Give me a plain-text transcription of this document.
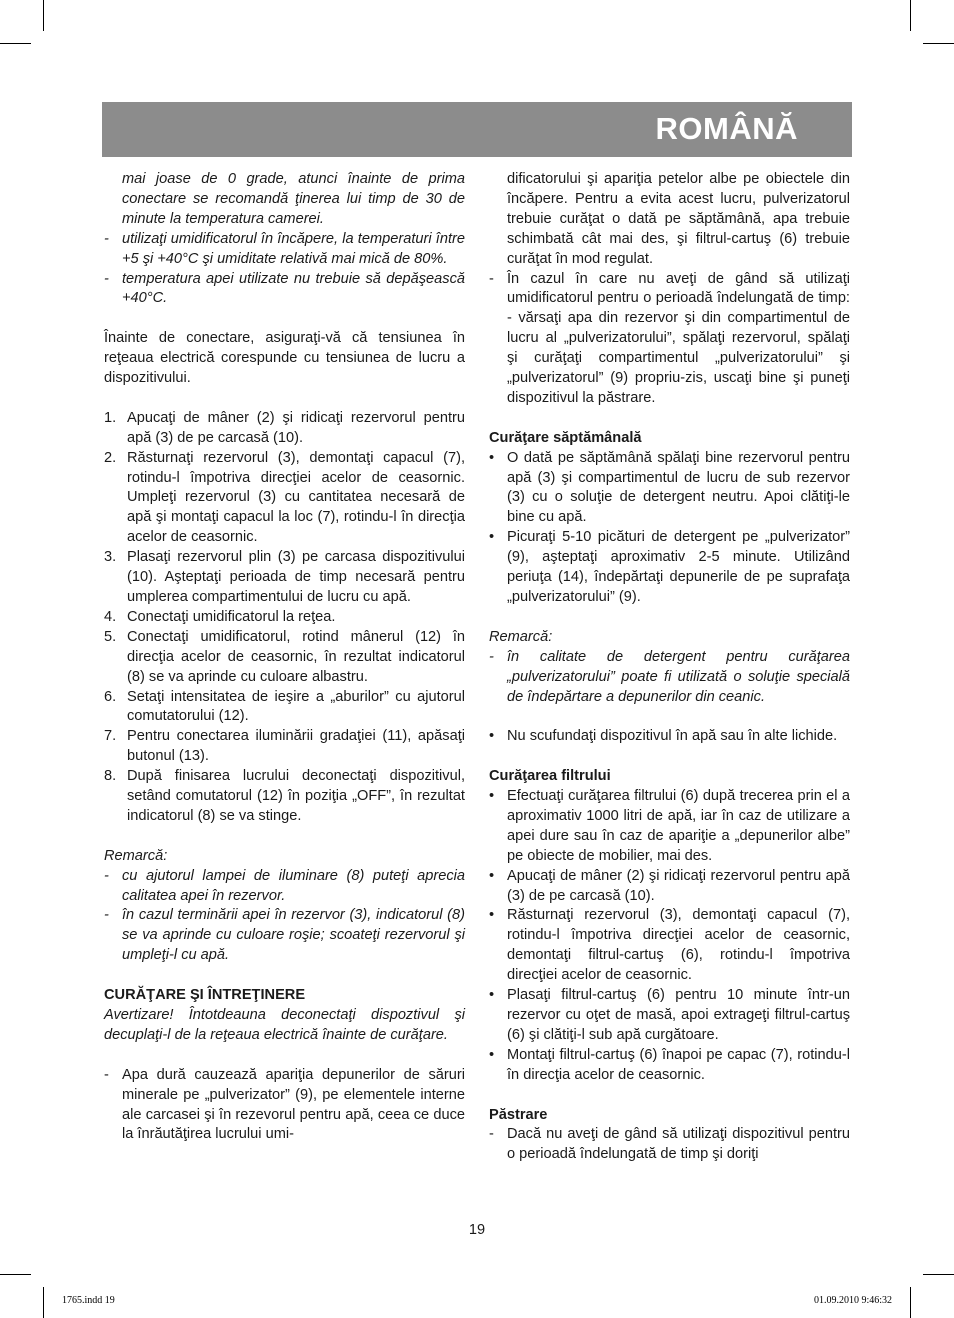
ROMÂNĂ
mai joase de 0 grade, atunci înainte de prima conectare se recomandă ţinerea lui timp de 30 de minute la temperatura camerei.
- utilizaţi umidificatorul în încăpere, la temperaturi între +5 şi +40°C şi umiditate relativă mai mică de 80%.
- temperatura apei utilizate nu trebuie să depăşească +40°C.

Înainte de conectare, asiguraţi-vă că tensiunea în reţeaua electrică corespunde cu tensiunea de lucru a dispozitivului.

1. Apucaţi de mâner (2) şi ridicaţi rezervorul pentru apă (3) de pe carcasă (10).
2. Răsturnaţi rezervorul (3), demontaţi capacul (7), rotindu-l împotriva direcţiei acelor de ceasornic. Umpleţi rezervorul (3) cu cantitatea necesară de apă şi montaţi capacul la loc (7), rotindu-l în direcţia acelor de ceasornic.
3. Plasaţi rezervorul plin (3) pe carcasa dispozitivului (10). Aşteptaţi perioada de timp necesară pentru umplerea compartimentului de lucru cu apă.
4. Conectaţi umidificatorul la reţea.
5. Conectaţi umidificatorul, rotind mânerul (12) în direcţia acelor de ceasornic, în rezultat indicatorul (8) se va aprinde cu culoare albastru.
6. Setaţi intensitatea de ieşire a „aburilor” cu ajutorul comutatorului (12).
7. Pentru conectarea iluminării gradaţiei (11), apăsaţi butonul (13).
8. După finisarea lucrului deconectaţi dispozitivul, setând comutatorul (12) în poziţia „OFF”, în rezultat indicatorul (8) se va stinge.
Remarcă:
- cu ajutorul lampei de iluminare (8) puteţi aprecia calitatea apei în rezervor.
- în cazul terminării apei în rezervor (3), indicatorul (8) se va aprinde cu culoare roşie; scoateţi rezervorul şi umpleţi-l cu apă.
CURĂŢARE ŞI ÎNTREŢINERE

Avertizare! Întotdeauna deconectaţi dispoztivul şi decuplaţi-l de la reţeaua electrică înainte de curăţare.

- Apa dură cauzează apariţia depunerilor de săruri minerale pe „pulverizator” (9), pe elementele interne ale carcasei şi în rezevorul pentru apă, ceea ce duce la înrăutăţirea lucrului umi-
dificatorului şi apariţia petelor albe pe obiectele din încăpere. Pentru a evita acest lucru, pulverizatorul trebuie curăţat o dată pe săptămână, apa trebuie schimbată cât mai des, şi filtrul-cartuş (6) trebuie curăţat în mod regulat.
- În cazul în care nu aveţi de gând să utilizaţi umidificatorul pentru o perioadă îndelungată de timp: - vărsaţi apa din rezervor şi din compartimentul de lucru al „pulverizatorului”, spălaţi rezervorul, spălaţi şi curăţaţi compartimentul „pulverizatorului” şi „pulverizatorul” (9) propriu-zis, uscaţi bine şi puneţi dispozitivul la păstrare.
Curăţare săptămânală
• O dată pe săptămână spălaţi bine rezervorul pentru apă (3) şi compartimentul de lucru de sub rezervor (3) cu o soluţie de detergent neutru. Apoi clătiţi-le bine cu apă.
• Picuraţi 5-10 picături de detergent pe „pulverizator” (9), aşteptaţi aproximativ 2-5 minute. Utilizând periuţa (14), îndepărtaţi depunerile de pe suprafaţa „pulverizatorului” (9).
Remarcă:
- în calitate de detergent pentru curăţarea „pulverizatorului” poate fi utilizată o soluţie specială de îndepărtare a depunerilor din ceanic.
• Nu scufundaţi dispozitivul în apă sau în alte lichide.
Curăţarea filtrului
• Efectuaţi curăţarea filtrului (6) după trecerea prin el a aproximativ 1000 litri de apă, iar în caz de utilizare a apei dure sau în caz de apariţie a „depunerilor albe” pe obiecte de mobilier, mai des.
• Apucaţi de mâner (2) şi ridicaţi rezervorul pentru apă (3) de pe carcasă (10).
• Răsturnaţi rezervorul (3), demontaţi capacul (7), rotindu-l împotriva direcţiei acelor de ceasornic, demontaţi filtrul-cartuş (6), rotindu-l împotriva direcţiei acelor de ceasornic.
• Plasaţi filtrul-cartuş (6) pentru 10 minute într-un rezervor cu oţet de masă, apoi extrageţi filtrul-cartuş (6) şi clătiţi-l sub apă curgătoare.
• Montaţi filtrul-cartuş (6) înapoi pe capac (7), rotindu-l în direcţia acelor de ceasornic.
Păstrare
- Dacă nu aveţi de gând să utilizaţi dispozitivul pentru o perioadă îndelungată de timp şi doriţi
19
1765.indd 19	01.09.2010 9:46:32
